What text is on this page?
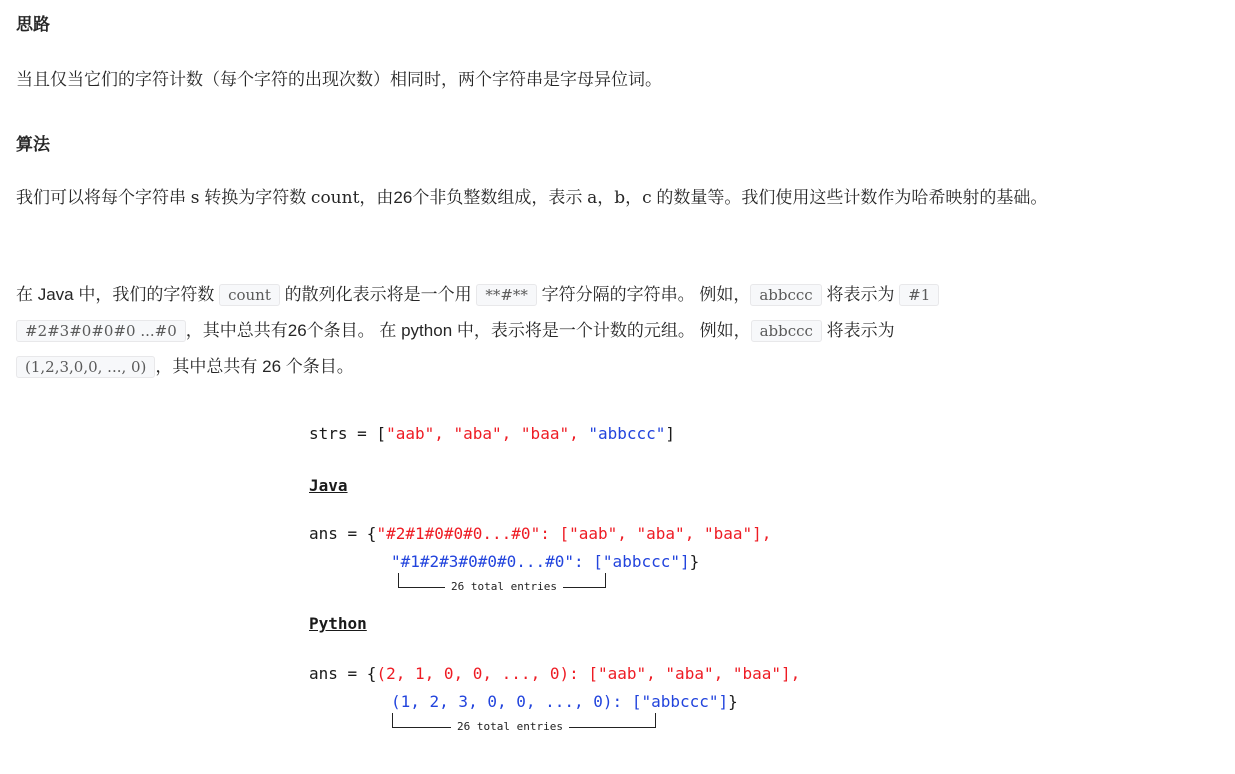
思路

当且仅当它们的字符计数（每个字符的出现次数）相同时，两个字符串是字母异位词。

算法

我们可以将每个字符串 s 转换为字符数 count，由26个非负整数组成，表示 a，b，c 的数量等。我们使用这些计数作为哈希映射的基础。

在 Java 中，我们的字符数 count 的散列化表示将是一个用 **#** 字符分隔的字符串。 例如， abbccc 将表示为 #1
#2#3#0#0#0 ...#0 ，其中总共有26个条目。 在 python 中，表示将是一个计数的元组。 例如， abbccc 将表示为
(1,2,3,0,0, ..., 0) ，其中总共有 26 个条目。

strs = ["aab", "aba", "baa", "abbccc"]
Java
ans = {"#2#1#0#0#0...#0": ["aab", "aba", "baa"],
"#1#2#3#0#0#0...#0": ["abbccc"]}
26 total entries
Python
ans = {(2, 1, 0, 0, ..., 0): ["aab", "aba", "baa"],
(1, 2, 3, 0, 0, ..., 0): ["abbccc"]}
26 total entries
